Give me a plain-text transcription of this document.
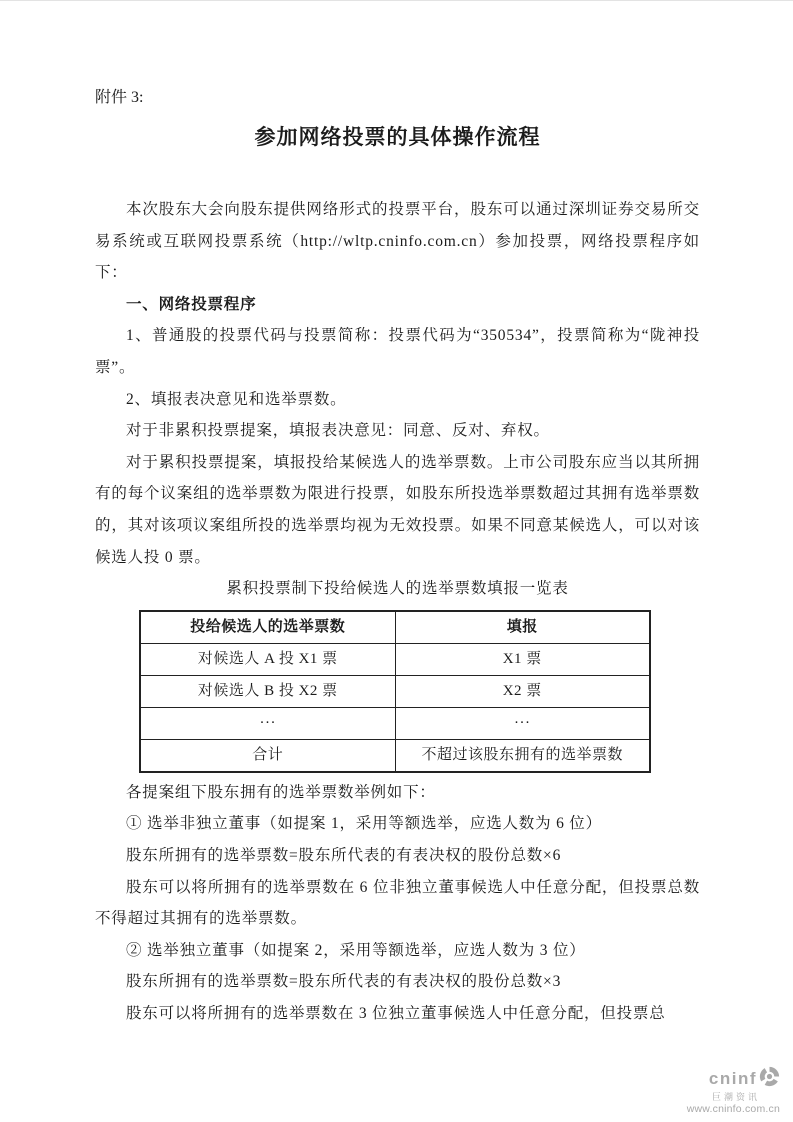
附件 3:
参加网络投票的具体操作流程

本次股东大会向股东提供网络形式的投票平台，股东可以通过深圳证券交易所交易系统或互联网投票系统（http://wltp.cninfo.com.cn）参加投票，网络投票程序如下：

一、网络投票程序

1、普通股的投票代码与投票简称：投票代码为“350534”，投票简称为“陇神投票”。

2、填报表决意见和选举票数。

对于非累积投票提案，填报表决意见：同意、反对、弃权。

对于累积投票提案，填报投给某候选人的选举票数。上市公司股东应当以其所拥有的每个议案组的选举票数为限进行投票，如股东所投选举票数超过其拥有选举票数的，其对该项议案组所投的选举票均视为无效投票。如果不同意某候选人，可以对该候选人投 0 票。

累积投票制下投给候选人的选举票数填报一览表

投给候选人的选举票数	填报
对候选人 A 投 X1 票	X1 票
对候选人 B 投 X2 票	X2 票
···	···
合计	不超过该股东拥有的选举票数

各提案组下股东拥有的选举票数举例如下：

① 选举非独立董事（如提案 1，采用等额选举，应选人数为 6 位）

股东所拥有的选举票数=股东所代表的有表决权的股份总数×6

股东可以将所拥有的选举票数在 6 位非独立董事候选人中任意分配，但投票总数不得超过其拥有的选举票数。

② 选举独立董事（如提案 2，采用等额选举，应选人数为 3 位）

股东所拥有的选举票数=股东所代表的有表决权的股份总数×3

股东可以将所拥有的选举票数在 3 位独立董事候选人中任意分配，但投票总

cninf
巨潮资讯
www.cninfo.com.cn
